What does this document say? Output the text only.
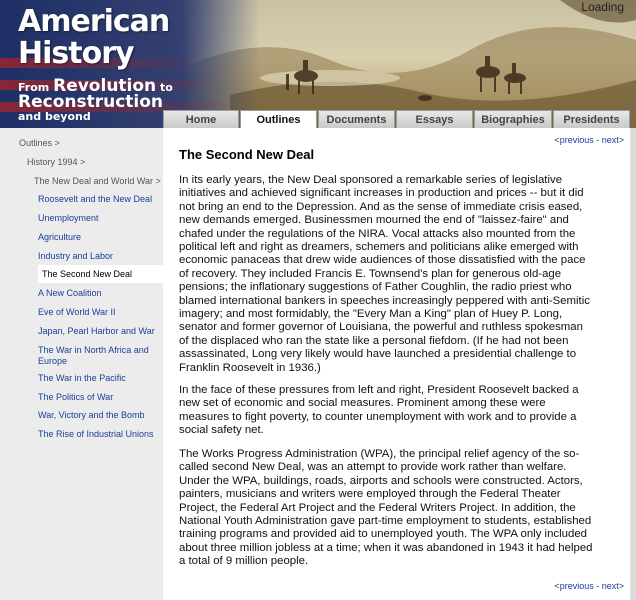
American
History
From Revolution to
Reconstruction
and beyond
Loading
Home	Outlines	Documents	Essays	Biographies	Presidents
Outlines >
History 1994 >
The New Deal and World War >
Roosevelt and the New Deal
Unemployment
Agriculture
Industry and Labor
The Second New Deal
A New Coalition
Eve of World War II
Japan, Pearl Harbor and War
The War in North Africa and Europe
The War in the Pacific
The Politics of War
War, Victory and the Bomb
The Rise of Industrial Unions
<previous - next>
The Second New Deal

In its early years, the New Deal sponsored a remarkable series of legislative initiatives and achieved significant increases in production and prices -- but it did not bring an end to the Depression. And as the sense of immediate crisis eased, new demands emerged. Businessmen mourned the end of "laissez-faire" and chafed under the regulations of the NIRA. Vocal attacks also mounted from the political left and right as dreamers, schemers and politicians alike emerged with economic panaceas that drew wide audiences of those dissatisfied with the pace of recovery. They included Francis E. Townsend's plan for generous old-age pensions; the inflationary suggestions of Father Coughlin, the radio priest who blamed international bankers in speeches increasingly peppered with anti-Semitic imagery; and most formidably, the "Every Man a King" plan of Huey P. Long, senator and former governor of Louisiana, the powerful and ruthless spokesman of the displaced who ran the state like a personal fiefdom. (If he had not been assassinated, Long very likely would have launched a presidential challenge to Franklin Roosevelt in 1936.)

In the face of these pressures from left and right, President Roosevelt backed a new set of economic and social measures. Prominent among these were measures to fight poverty, to counter unemployment with work and to provide a social safety net.

The Works Progress Administration (WPA), the principal relief agency of the so-called second New Deal, was an attempt to provide work rather than welfare. Under the WPA, buildings, roads, airports and schools were constructed. Actors, painters, musicians and writers were employed through the Federal Theater Project, the Federal Art Project and the Federal Writers Project. In addition, the National Youth Administration gave part-time employment to students, established training programs and provided aid to unemployed youth. The WPA only included about three million jobless at a time; when it was abandoned in 1943 it had helped a total of 9 million people.

<previous - next>
